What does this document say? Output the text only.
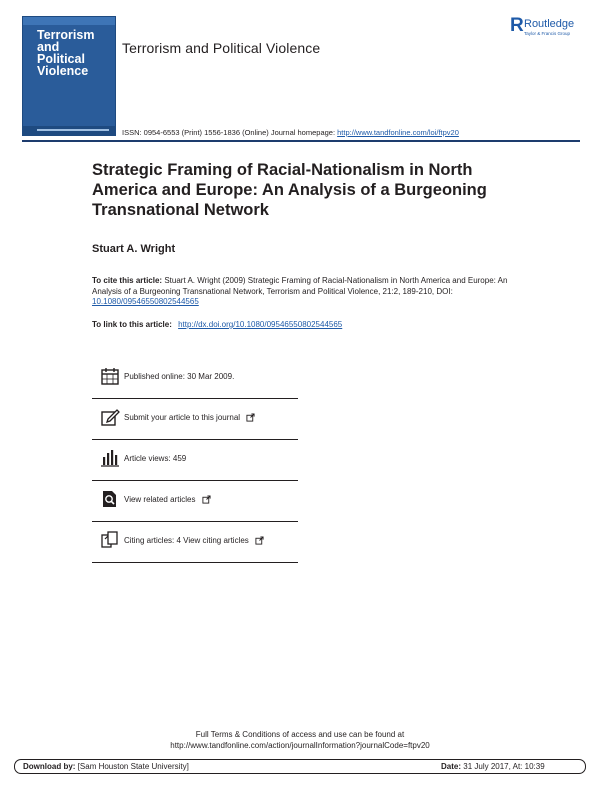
Terrorism
and
Political
Violence
Terrorism and Political Violence
R Routledge
Taylor & Francis Group
ISSN: 0954-6553 (Print) 1556-1836 (Online) Journal homepage: http://www.tandfonline.com/loi/ftpv20
Strategic Framing of Racial-Nationalism in North America and Europe: An Analysis of a Burgeoning Transnational Network
Stuart A. Wright
To cite this article: Stuart A. Wright (2009) Strategic Framing of Racial-Nationalism in North America and Europe: An Analysis of a Burgeoning Transnational Network, Terrorism and Political Violence, 21:2, 189-210, DOI: 10.1080/09546550802544565
To link to this article: http://dx.doi.org/10.1080/09546550802544565
Published online: 30 Mar 2009.
Submit your article to this journal
Article views: 459
View related articles
Citing articles: 4 View citing articles
Full Terms & Conditions of access and use can be found at
http://www.tandfonline.com/action/journalInformation?journalCode=ftpv20
Download by: [Sam Houston State University]	Date: 31 July 2017, At: 10:39
